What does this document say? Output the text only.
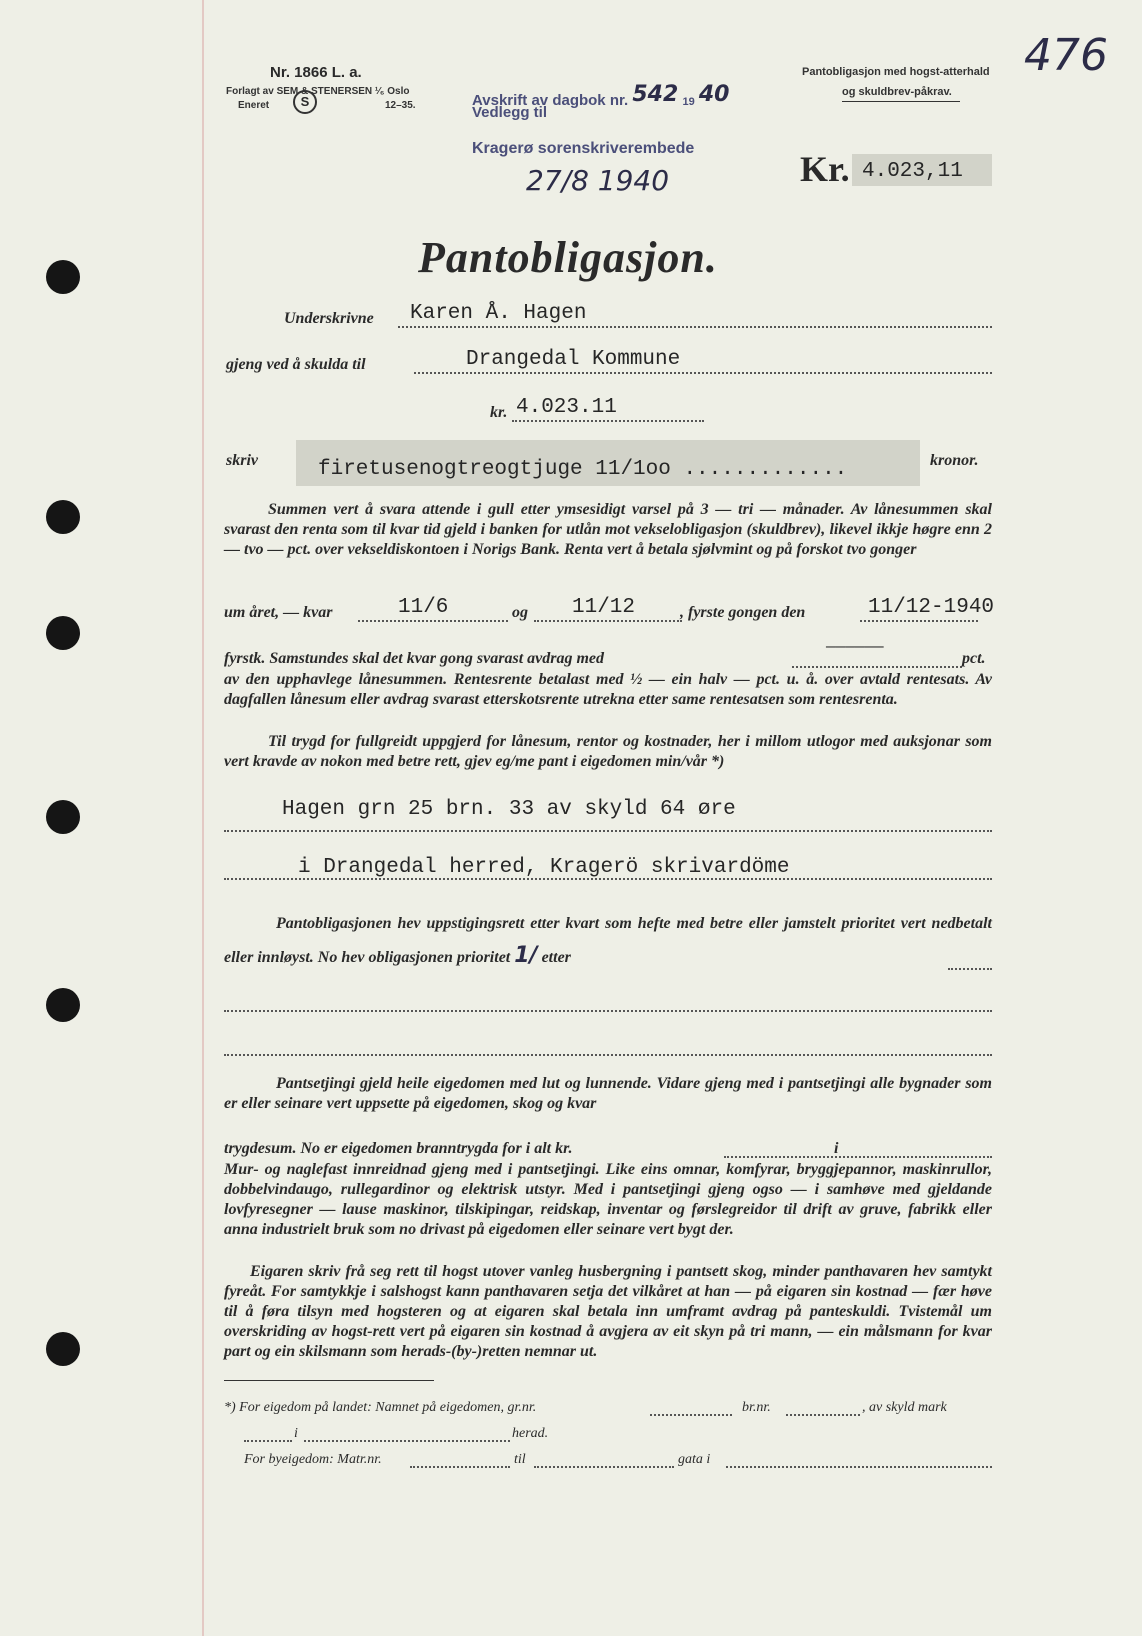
Nr. 1866 L. a.
Forlagt av SEM & STENERSEN ¹⁄₆ Oslo
Eneret	12–35.
S	Avskrift av dagbok nr. 542 19 40
Vedlegg til
Kragerø sorenskriverembede
27/8 1940
Pantobligasjon med hogst-atterhald
og skuldbrev-påkrav.
476
Kr. 4.023,11
Pantobligasjon.
Underskrivne Karen Å. Hagen
gjeng ved å skulda til	Drangedal Kommune
kr. 4.023.11
skriv	firetusenogtreogtjuge 11/1oo .............	kronor.
Summen vert å svara attende i gull etter ymsesidigt varsel på 3 — tri — månader. Av lånesummen skal svarast den renta som til kvar tid gjeld i banken for utlån mot vekselobligasjon (skuldbrev), likevel ikkje høgre enn 2 — tvo — pct. over vekseldiskontoen i Norigs Bank. Renta vert å betala sjølvmint og på forskot tvo gonger
um året, — kvar	11/6	og 11/12	, fyrste gongen den	11/12-1940
fyrstk. Samstundes skal det kvar gong svarast avdrag med
——————
pct.
av den upphavlege lånesummen. Rentesrente betalast med ½ — ein halv — pct. u. å. over avtald rentesats. Av dagfallen lånesum eller avdrag svarast etterskotsrente utrekna etter same rentesatsen som rentesrenta.
Til trygd for fullgreidt uppgjerd for lånesum, rentor og kostnader, her i millom utlogor med auksjonar som vert kravde av nokon med betre rett, gjev eg/me pant i eigedomen min/vår *)
Hagen grn 25 brn. 33 av skyld 64 øre
i Drangedal herred, Kragerö skrivardöme
Pantobligasjonen hev uppstigingsrett etter kvart som hefte med betre eller jamstelt prioritet vert nedbetalt eller innløyst. No hev obligasjonen prioritet 1/ etter
Pantsetjingi gjeld heile eigedomen med lut og lunnende. Vidare gjeng med i pantsetjingi alle bygnader som er eller seinare vert uppsette på eigedomen, skog og kvar
trygdesum. No er eigedomen branntrygda for i alt kr.	i
Mur- og naglefast innreidnad gjeng med i pantsetjingi. Like eins omnar, komfyrar, bryggjepannor, maskinrullor, dobbelvindaugo, rullegardinor og elektrisk utstyr. Med i pantsetjingi gjeng ogso — i samhøve med gjeldande lovfyresegner — lause maskinor, tilskipingar, reidskap, inventar og førslegreidor til drift av gruve, fabrikk eller anna industrielt bruk som no drivast på eigedomen eller seinare vert bygt der.
Eigaren skriv frå seg rett til hogst utover vanleg husbergning i pantsett skog, minder panthavaren hev samtykt fyreåt. For samtykkje i salshogst kann panthavaren setja det vilkåret at han — på eigaren sin kostnad — fær høve til å føra tilsyn med hogsteren og at eigaren skal betala inn umframt avdrag på panteskuldi. Tvistemål um overskriding av hogst-rett vert på eigaren sin kostnad å avgjera av eit skyn på tri mann, — ein målsmann for kvar part og ein skilsmann som herads-(by-)retten nemnar ut.
*) For eigedom på landet: Namnet på eigedomen, gr.nr.	br.nr.	, av skyld mark
i	herad.
For byeigedom: Matr.nr.	til	gata i
